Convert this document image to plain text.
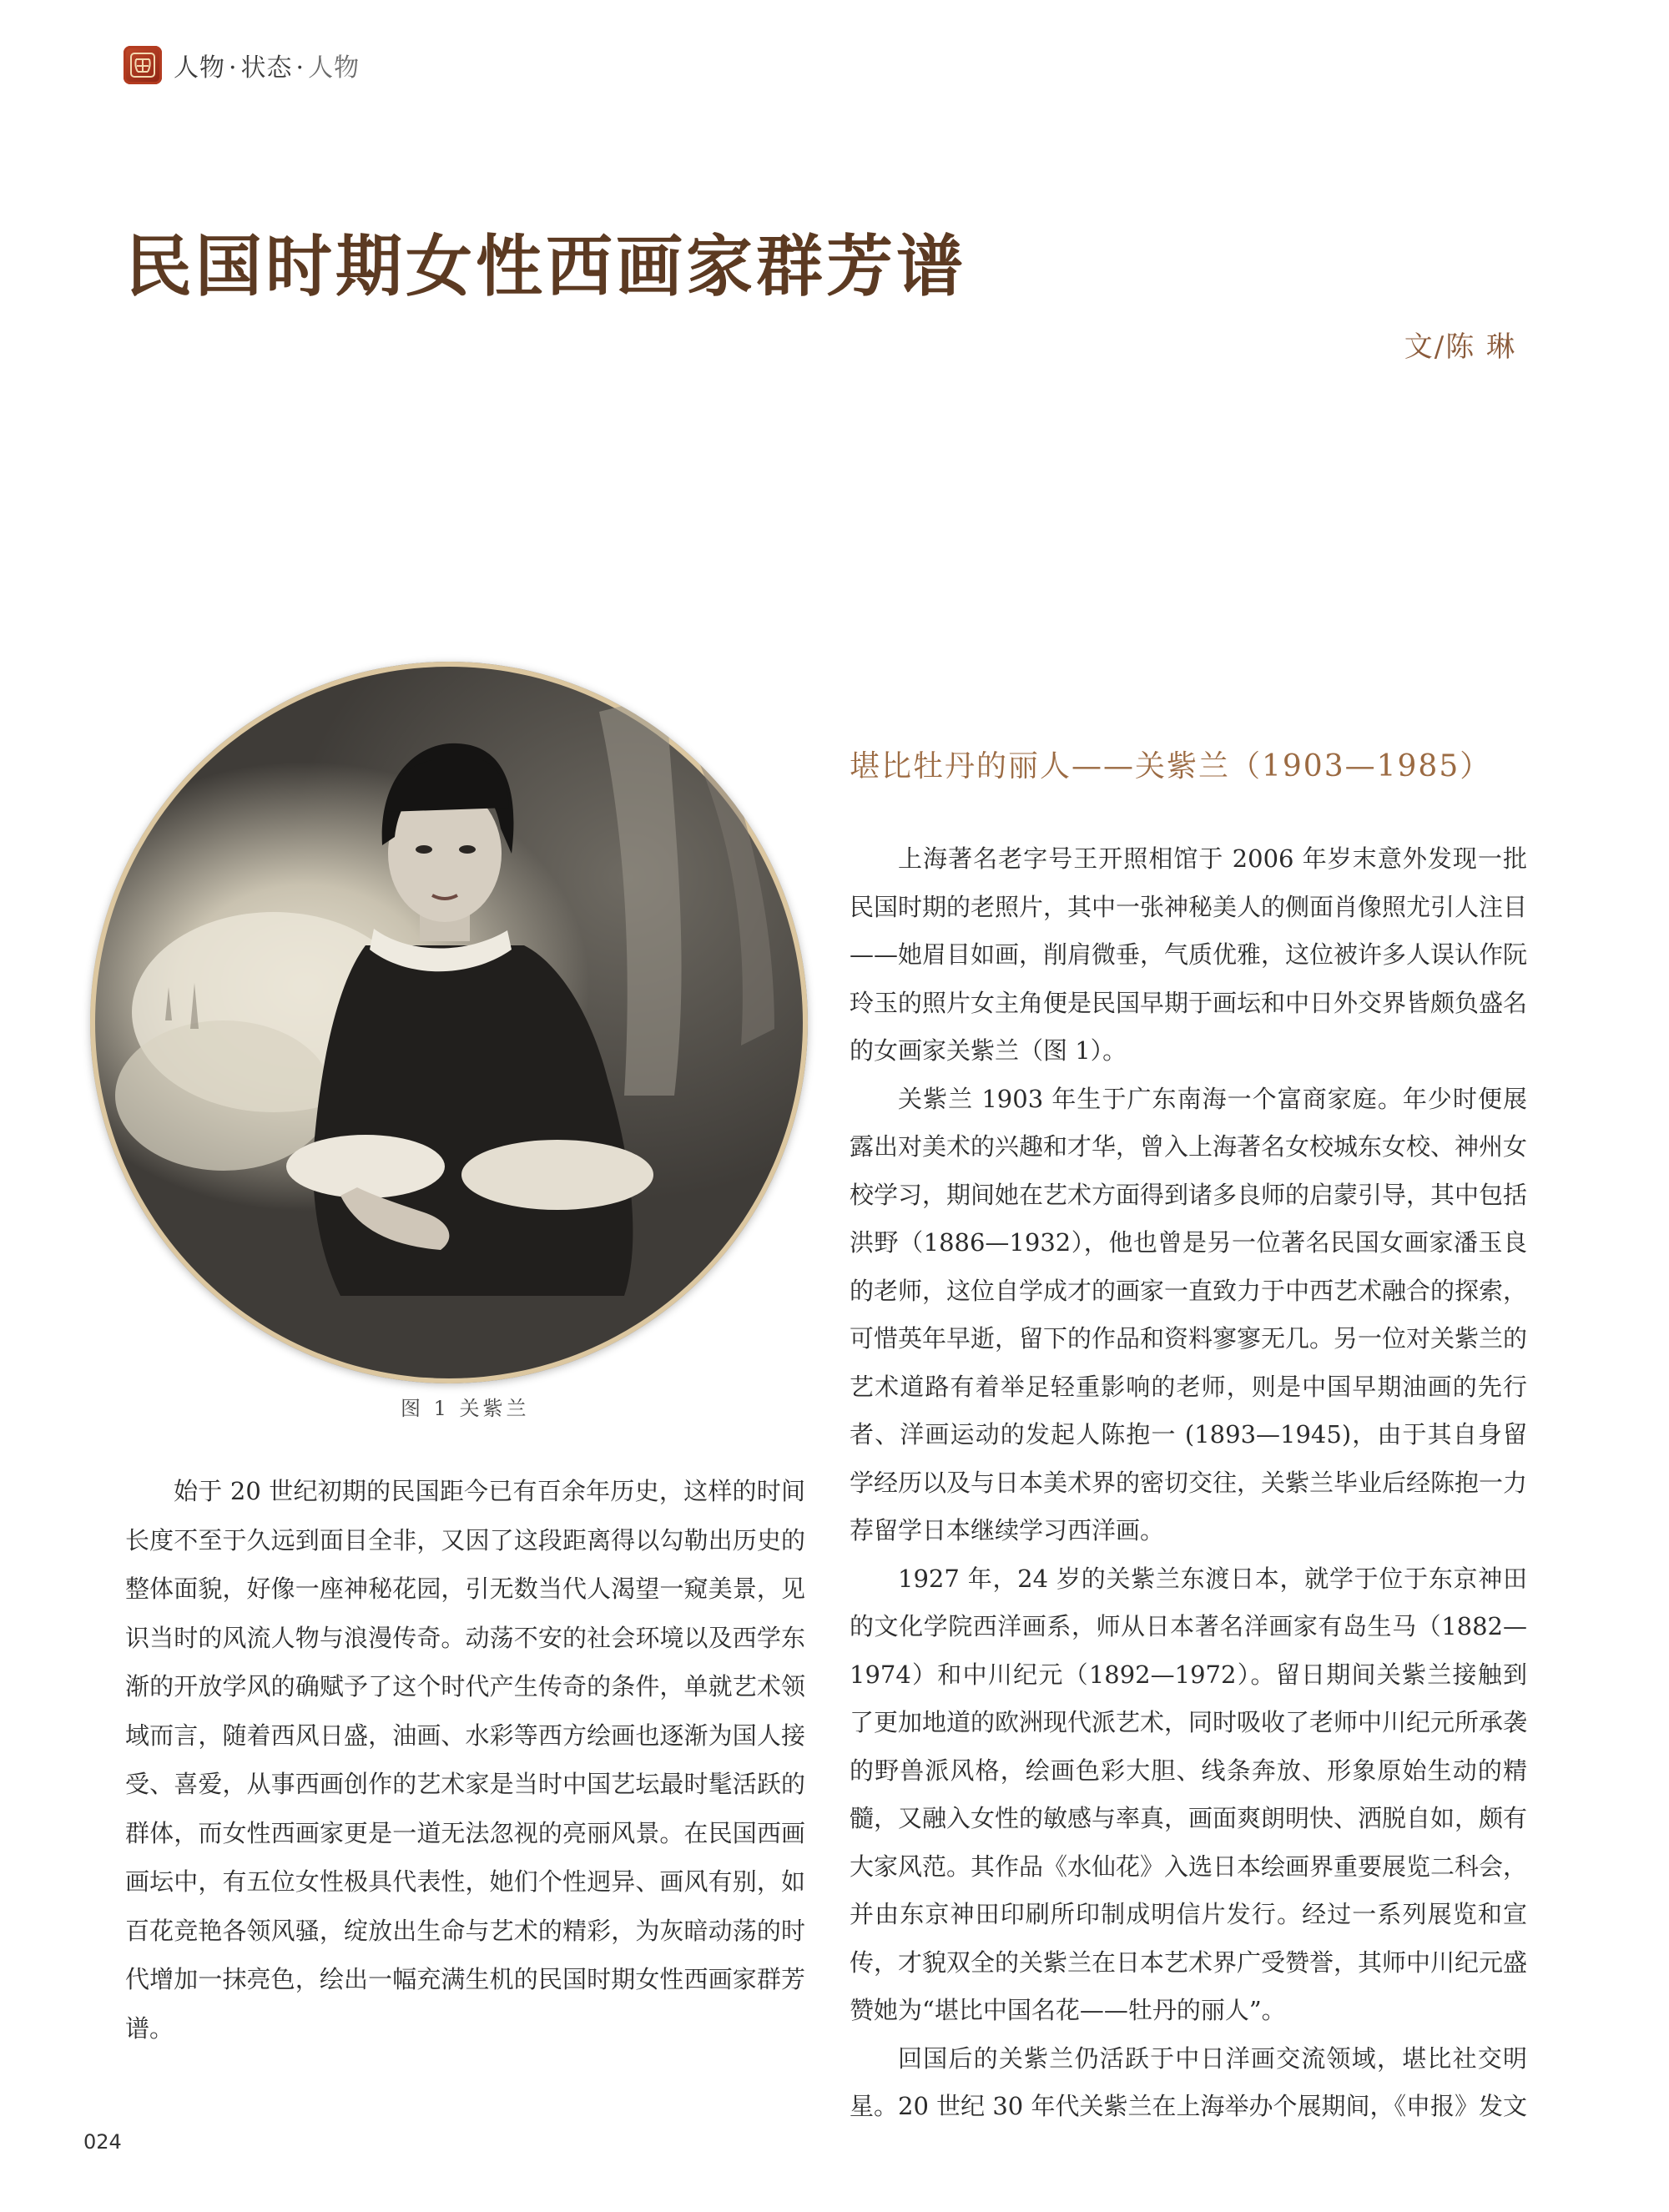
人物 · 状态 · 人物
民国时期女性西画家群芳谱
文/陈 琳
图 1 关紫兰

始于 20 世纪初期的民国距今已有百余年历史，这样的时间长度不至于久远到面目全非，又因了这段距离得以勾勒出历史的整体面貌，好像一座神秘花园，引无数当代人渴望一窥美景，见识当时的风流人物与浪漫传奇。动荡不安的社会环境以及西学东渐的开放学风的确赋予了这个时代产生传奇的条件，单就艺术领域而言，随着西风日盛，油画、水彩等西方绘画也逐渐为国人接受、喜爱，从事西画创作的艺术家是当时中国艺坛最时髦活跃的群体，而女性西画家更是一道无法忽视的亮丽风景。在民国西画画坛中，有五位女性极具代表性，她们个性迥异、画风有别，如百花竞艳各领风骚，绽放出生命与艺术的精彩，为灰暗动荡的时代增加一抹亮色，绘出一幅充满生机的民国时期女性西画家群芳谱。

堪比牡丹的丽人——关紫兰（1903—1985）

上海著名老字号王开照相馆于 2006 年岁末意外发现一批民国时期的老照片，其中一张神秘美人的侧面肖像照尤引人注目——她眉目如画，削肩微垂，气质优雅，这位被许多人误认作阮玲玉的照片女主角便是民国早期于画坛和中日外交界皆颇负盛名的女画家关紫兰（图 1）。

关紫兰 1903 年生于广东南海一个富商家庭。年少时便展露出对美术的兴趣和才华，曾入上海著名女校城东女校、神州女校学习，期间她在艺术方面得到诸多良师的启蒙引导，其中包括洪野（1886—1932），他也曾是另一位著名民国女画家潘玉良的老师，这位自学成才的画家一直致力于中西艺术融合的探索，可惜英年早逝，留下的作品和资料寥寥无几。另一位对关紫兰的艺术道路有着举足轻重影响的老师，则是中国早期油画的先行者、洋画运动的发起人陈抱一 (1893—1945)，由于其自身留学经历以及与日本美术界的密切交往，关紫兰毕业后经陈抱一力荐留学日本继续学习西洋画。

1927 年，24 岁的关紫兰东渡日本，就学于位于东京神田的文化学院西洋画系，师从日本著名洋画家有岛生马（1882—1974）和中川纪元（1892—1972）。留日期间关紫兰接触到了更加地道的欧洲现代派艺术，同时吸收了老师中川纪元所承袭的野兽派风格，绘画色彩大胆、线条奔放、形象原始生动的精髓，又融入女性的敏感与率真，画面爽朗明快、洒脱自如，颇有大家风范。其作品《水仙花》入选日本绘画界重要展览二科会，并由东京神田印刷所印制成明信片发行。经过一系列展览和宣传，才貌双全的关紫兰在日本艺术界广受赞誉，其师中川纪元盛赞她为“堪比中国名花——牡丹的丽人”。

回国后的关紫兰仍活跃于中日洋画交流领域，堪比社交明星。20 世纪 30 年代关紫兰在上海举办个展期间，《申报》发文

024
